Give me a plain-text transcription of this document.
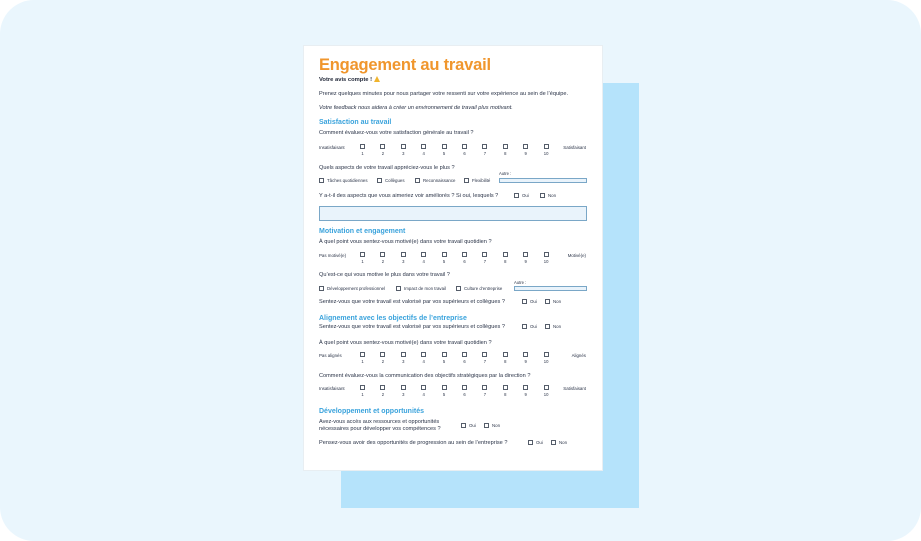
Engagement au travail
Votre avis compte !
Prenez quelques minutes pour nous partager votre ressenti sur votre expérience au sein de l’équipe.
Votre feedback nous aidera à créer un environnement de travail plus motivant.
Satisfaction au travail
Comment évaluez-vous votre satisfaction générale au travail ?
Insatisfaisant	Satisfaisant
Quels aspects de votre travail appréciez-vous le plus ?
Tâches quotidiennes	Collègues	Reconnaissance	Flexibilité
Autre :
Y a-t-il des aspects que vous aimeriez voir améliorés ? Si oui, lesquels ?	Oui	Non
Motivation et engagement
À quel point vous sentez-vous motivé(e) dans votre travail quotidien ?
Pas motivé(e)	Motivé(e)
Qu’est-ce qui vous motive le plus dans votre travail ?
Développement professionnel	Impact de mon travail	Culture d’entreprise
Autre :
Sentez-vous que votre travail est valorisé par vos supérieurs et collègues ?	Oui	Non
Alignement avec les objectifs de l’entreprise
Sentez-vous que votre travail est valorisé par vos supérieurs et collègues ?	Oui	Non
À quel point vous sentez-vous motivé(e) dans votre travail quotidien ?
Pas alignés	Alignés
Comment évaluez-vous la communication des objectifs stratégiques par la direction ?
Insatisfaisant	Satisfaisant
Développement et opportunités
Avez-vous accès aux ressources et opportunités
nécessaires pour développer vos compétences ?
Oui	Non
Pensez-vous avoir des opportunités de progression au sein de l’entreprise ?	Oui	Non
1	2	3	4	5	6	7	8	9	10
1	2	3	4	5	6	7	8	9	10
1	2	3	4	5	6	7	8	9	10
1	2	3	4	5	6	7	8	9	10
